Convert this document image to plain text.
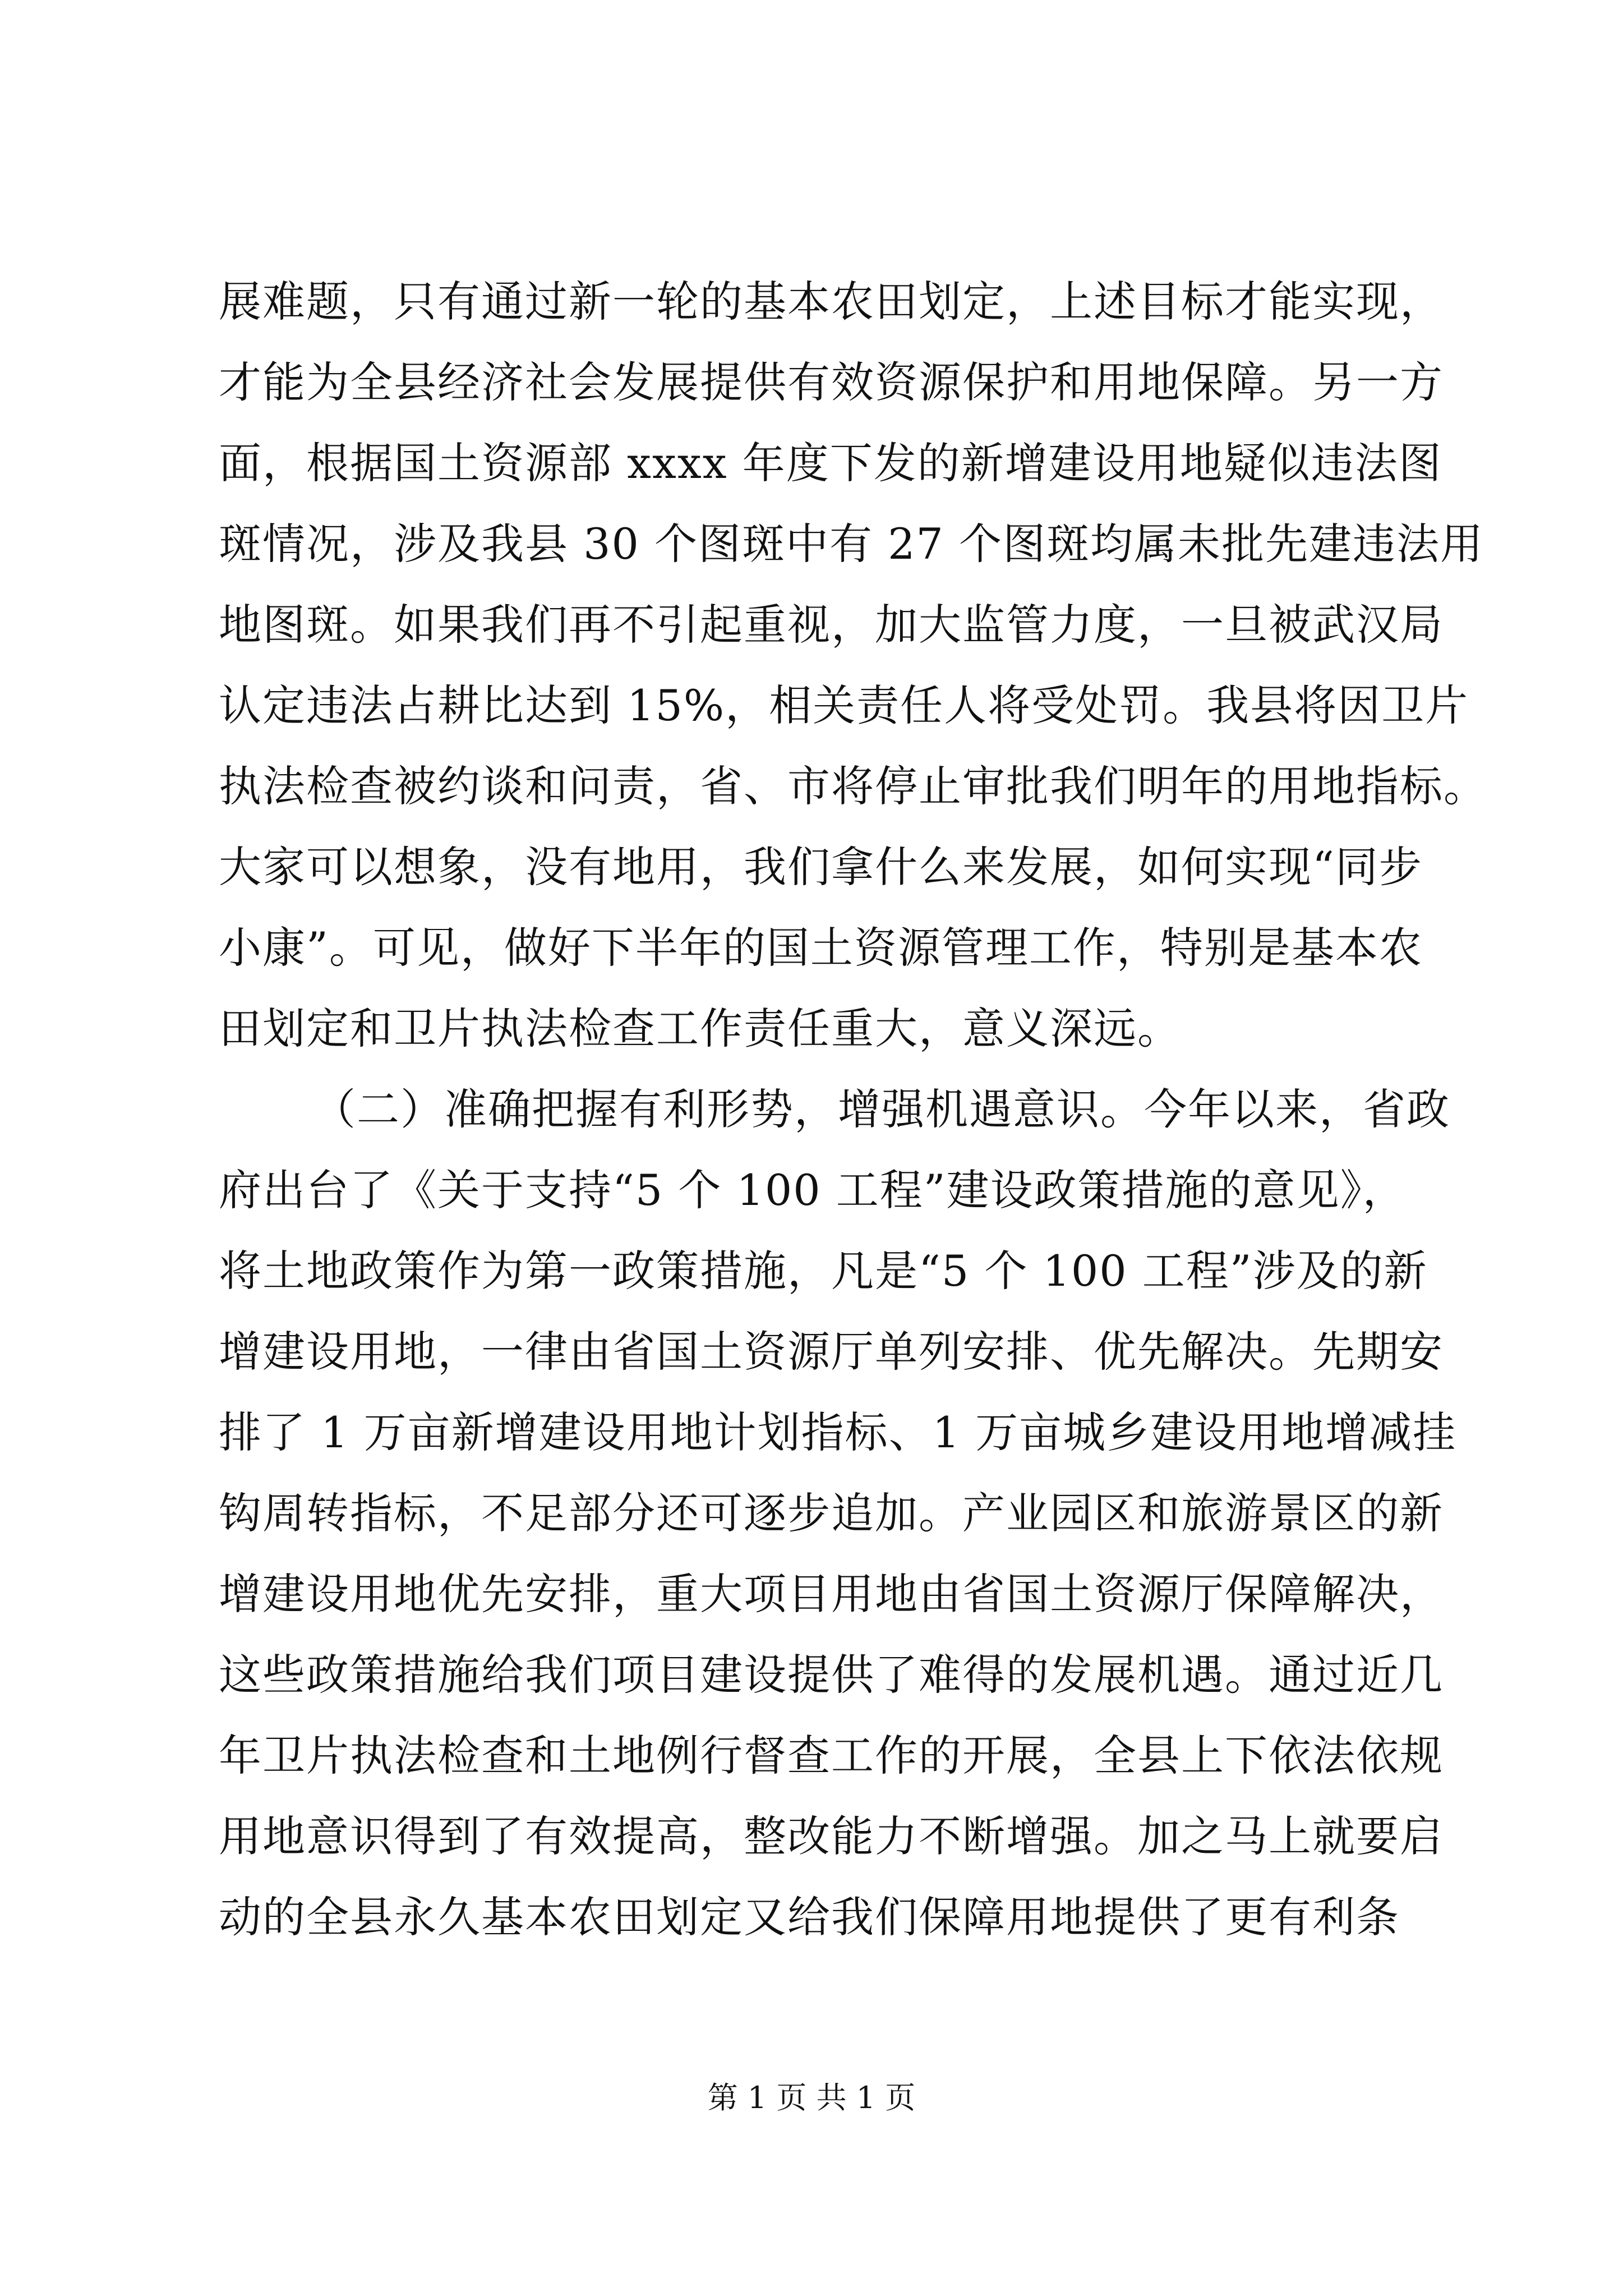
展难题，只有通过新一轮的基本农田划定，上述目标才能实现，
才能为全县经济社会发展提供有效资源保护和用地保障。另一方
面，根据国土资源部 xxxx 年度下发的新增建设用地疑似违法图
斑情况，涉及我县 30 个图斑中有 27 个图斑均属未批先建违法用
地图斑。如果我们再不引起重视，加大监管力度，一旦被武汉局
认定违法占耕比达到 15%，相关责任人将受处罚。我县将因卫片
执法检查被约谈和问责，省、市将停止审批我们明年的用地指标。
大家可以想象，没有地用，我们拿什么来发展，如何实现“同步
小康”。可见，做好下半年的国土资源管理工作，特别是基本农
田划定和卫片执法检查工作责任重大，意义深远。
（二）准确把握有利形势，增强机遇意识。今年以来，省政
府出台了《关于支持“5 个 100 工程”建设政策措施的意见》，
将土地政策作为第一政策措施，凡是“5 个 100 工程”涉及的新
增建设用地，一律由省国土资源厅单列安排、优先解决。先期安
排了 1 万亩新增建设用地计划指标、1 万亩城乡建设用地增减挂
钩周转指标，不足部分还可逐步追加。产业园区和旅游景区的新
增建设用地优先安排，重大项目用地由省国土资源厅保障解决，
这些政策措施给我们项目建设提供了难得的发展机遇。通过近几
年卫片执法检查和土地例行督查工作的开展，全县上下依法依规
用地意识得到了有效提高，整改能力不断增强。加之马上就要启
动的全县永久基本农田划定又给我们保障用地提供了更有利条
第 1 页 共 1 页
